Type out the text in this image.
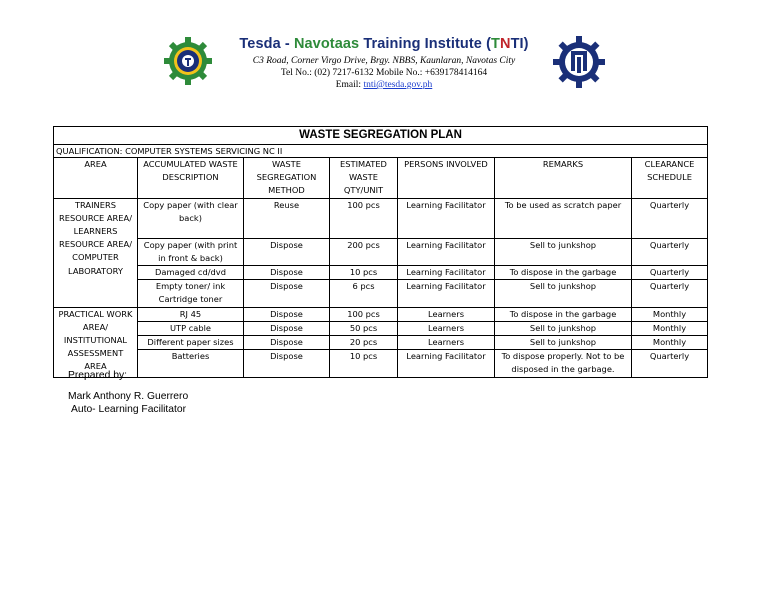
Tesda - Navotaas Training Institute (TNTI)
C3 Road, Corner Virgo Drive, Brgy. NBBS, Kaunlaran, Navotas City
Tel No.: (02) 7217-6132 Mobile No.: +639178414164
Email: tnti@tesda.gov.ph
WASTE SEGREGATION PLAN						
QUALIFICATION: COMPUTER SYSTEMS SERVICING NC II						
AREA	ACCUMULATED WASTE DESCRIPTION	WASTE SEGREGATION METHOD	ESTIMATED WASTE QTY/UNIT	PERSONS INVOLVED	REMARKS	CLEARANCE SCHEDULE
TRAINERS RESOURCE AREA/ LEARNERS RESOURCE AREA/ COMPUTER LABORATORY	Copy paper (with clear back)	Reuse	100 pcs	Learning Facilitator	To be used as scratch paper	Quarterly
	Copy paper (with print in front & back)	Dispose	200 pcs	Learning Facilitator	Sell to junkshop	Quarterly
	Damaged cd/dvd	Dispose	10 pcs	Learning Facilitator	To dispose in the garbage	Quarterly
	Empty toner/ ink Cartridge toner	Dispose	6 pcs	Learning Facilitator	Sell to junkshop	Quarterly
PRACTICAL WORK AREA/ INSTITUTIONAL ASSESSMENT AREA	RJ 45	Dispose	100 pcs	Learners	To dispose in the garbage	Monthly
	UTP cable	Dispose	50 pcs	Learners	Sell to junkshop	Monthly
	Different paper sizes	Dispose	20 pcs	Learners	Sell to junkshop	Monthly
	Batteries	Dispose	10 pcs	Learning Facilitator	To dispose properly. Not to be disposed in the garbage.	Quarterly
Prepared by:
Mark Anthony R. Guerrero
Auto- Learning Facilitator
